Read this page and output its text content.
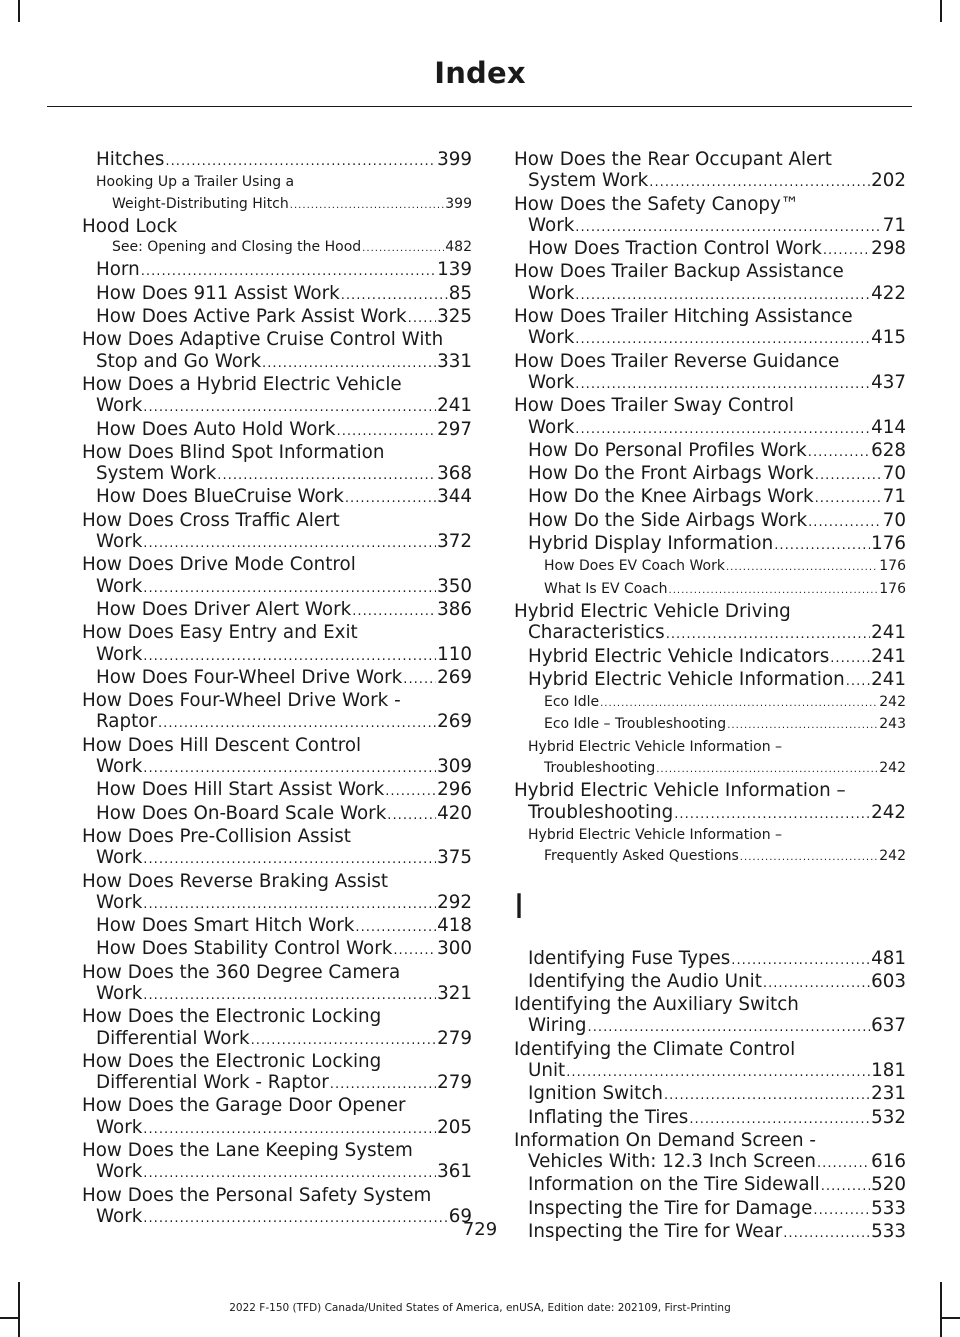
Index
Hitches .....	399
Hooking Up a Trailer Using a
Weight-Distributing Hitch .....	399
Hood Lock
See: Opening and Closing the Hood .....	482
Horn .....	139
How Does 911 Assist Work .....	85
How Does Active Park Assist Work ..... 325
How Does Adaptive Cruise Control With
Stop and Go Work .....	331
How Does a Hybrid Electric Vehicle
Work .....	241
How Does Auto Hold Work .....	297
How Does Blind Spot Information
System Work .....	368
How Does BlueCruise Work .....	344
How Does Cross Traffic Alert
Work .....	372
How Does Drive Mode Control
Work .....	350
How Does Driver Alert Work .....	386
How Does Easy Entry and Exit
Work .....	110
How Does Four-Wheel Drive Work ..... 269
How Does Four-Wheel Drive Work -
Raptor .....	269
How Does Hill Descent Control
Work .....	309
How Does Hill Start Assist Work .....	296
How Does On-Board Scale Work .....	420
How Does Pre-Collision Assist
Work .....	375
How Does Reverse Braking Assist
Work .....	292
How Does Smart Hitch Work .....	418
How Does Stability Control Work ..... 300
How Does the 360 Degree Camera
Work .....	321
How Does the Electronic Locking
Differential Work .....	279
How Does the Electronic Locking
Differential Work - Raptor .....	279
How Does the Garage Door Opener
Work .....	205
How Does the Lane Keeping System
Work .....	361
How Does the Personal Safety System
Work .....	69
How Does the Rear Occupant Alert
System Work .....	202
How Does the Safety Canopy™
Work .....	71
How Does Traction Control Work .....	298
How Does Trailer Backup Assistance
Work .....	422
How Does Trailer Hitching Assistance
Work .....	415
How Does Trailer Reverse Guidance
Work .....	437
How Does Trailer Sway Control
Work .....	414
How Do Personal Profiles Work .....	628
How Do the Front Airbags Work .....	70
How Do the Knee Airbags Work .....	71
How Do the Side Airbags Work .....	70
Hybrid Display Information .....	176
How Does EV Coach Work .....	176
What Is EV Coach .....	176
Hybrid Electric Vehicle Driving
Characteristics .....	241
Hybrid Electric Vehicle Indicators ..... 241
Hybrid Electric Vehicle Information ..... 241
Eco Idle .....	242
Eco Idle – Troubleshooting .....	243
Hybrid Electric Vehicle Information –
Troubleshooting .....	242
Hybrid Electric Vehicle Information –
Troubleshooting .....	242
Hybrid Electric Vehicle Information –
Frequently Asked Questions .....	242
I
Identifying Fuse Types .....	481
Identifying the Audio Unit .....	603
Identifying the Auxiliary Switch
Wiring .....	637
Identifying the Climate Control
Unit .....	181
Ignition Switch .....	231
Inflating the Tires .....	532
Information On Demand Screen -
Vehicles With: 12.3 Inch Screen .....	616
Information on the Tire Sidewall .....	520
Inspecting the Tire for Damage .....	533
Inspecting the Tire for Wear .....	533
729
2022 F-150 (TFD) Canada/United States of America, enUSA, Edition date: 202109, First-Printing
